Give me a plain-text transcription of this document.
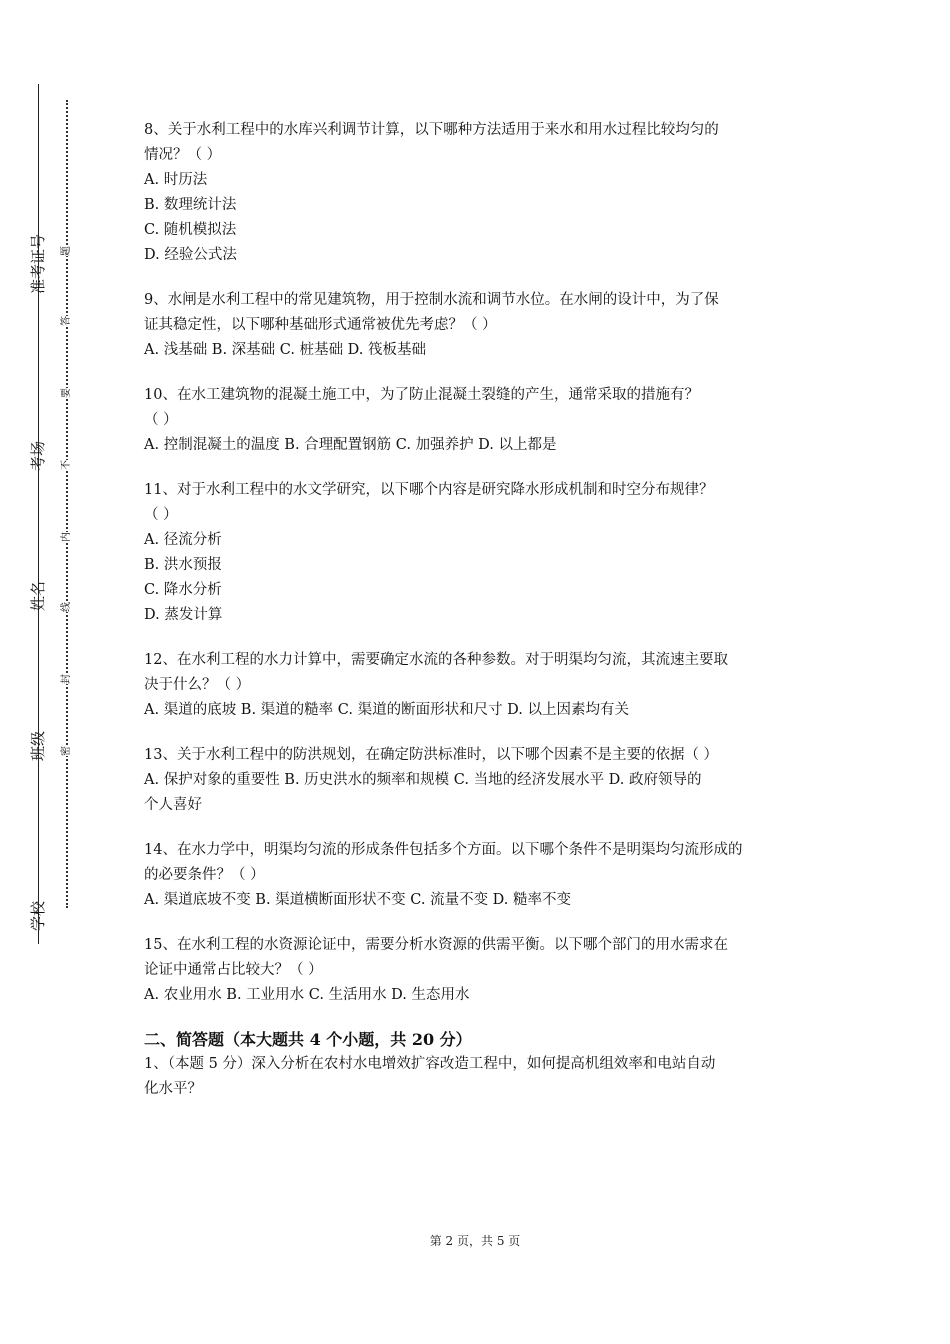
准考证号
考场
姓名
班级
学校
题
答
要
不
内
线
封
密
8、关于水利工程中的水库兴利调节计算，以下哪种方法适用于来水和用水过程比较均匀的
情况？（ ）
A. 时历法
B. 数理统计法
C. 随机模拟法
D. 经验公式法
9、水闸是水利工程中的常见建筑物，用于控制水流和调节水位。在水闸的设计中，为了保
证其稳定性，以下哪种基础形式通常被优先考虑？（ ）
A. 浅基础 B. 深基础 C. 桩基础 D. 筏板基础
10、在水工建筑物的混凝土施工中，为了防止混凝土裂缝的产生，通常采取的措施有？
（ ）
A. 控制混凝土的温度 B. 合理配置钢筋 C. 加强养护 D. 以上都是
11、对于水利工程中的水文学研究，以下哪个内容是研究降水形成机制和时空分布规律？
（ ）
A. 径流分析
B. 洪水预报
C. 降水分析
D. 蒸发计算
12、在水利工程的水力计算中，需要确定水流的各种参数。对于明渠均匀流，其流速主要取
决于什么？（ ）
A. 渠道的底坡 B. 渠道的糙率 C. 渠道的断面形状和尺寸 D. 以上因素均有关
13、关于水利工程中的防洪规划，在确定防洪标准时，以下哪个因素不是主要的依据（ ）
A. 保护对象的重要性 B. 历史洪水的频率和规模 C. 当地的经济发展水平 D. 政府领导的
个人喜好
14、在水力学中，明渠均匀流的形成条件包括多个方面。以下哪个条件不是明渠均匀流形成的
的必要条件？（ ）
A. 渠道底坡不变 B. 渠道横断面形状不变 C. 流量不变 D. 糙率不变
15、在水利工程的水资源论证中，需要分析水资源的供需平衡。以下哪个部门的用水需求在
论证中通常占比较大？（ ）
A. 农业用水 B. 工业用水 C. 生活用水 D. 生态用水
二、简答题（本大题共 4 个小题，共 20 分）
1、（本题 5 分）深入分析在农村水电增效扩容改造工程中，如何提高机组效率和电站自动
化水平？
第 2 页，共 5 页
